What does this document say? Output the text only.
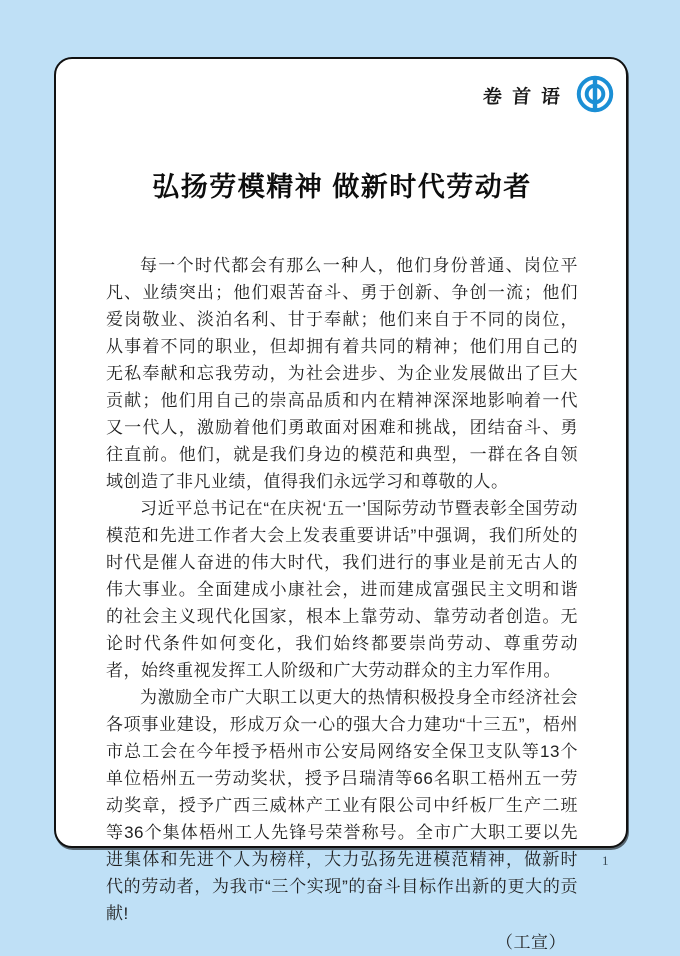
卷首语
弘扬劳模精神 做新时代劳动者

每一个时代都会有那么一种人，他们身份普通、岗位平凡、业绩突出；他们艰苦奋斗、勇于创新、争创一流；他们爱岗敬业、淡泊名利、甘于奉献；他们来自于不同的岗位，从事着不同的职业，但却拥有着共同的精神；他们用自己的无私奉献和忘我劳动，为社会进步、为企业发展做出了巨大贡献；他们用自己的崇高品质和内在精神深深地影响着一代又一代人，激励着他们勇敢面对困难和挑战，团结奋斗、勇往直前。他们，就是我们身边的模范和典型，一群在各自领域创造了非凡业绩，值得我们永远学习和尊敬的人。

习近平总书记在“在庆祝‘五一’国际劳动节暨表彰全国劳动模范和先进工作者大会上发表重要讲话”中强调，我们所处的时代是催人奋进的伟大时代，我们进行的事业是前无古人的伟大事业。全面建成小康社会，进而建成富强民主文明和谐的社会主义现代化国家，根本上靠劳动、靠劳动者创造。无论时代条件如何变化，我们始终都要崇尚劳动、尊重劳动者，始终重视发挥工人阶级和广大劳动群众的主力军作用。

为激励全市广大职工以更大的热情积极投身全市经济社会各项事业建设，形成万众一心的强大合力建功“十三五”，梧州市总工会在今年授予梧州市公安局网络安全保卫支队等13个单位梧州五一劳动奖状，授予吕瑞清等66名职工梧州五一劳动奖章，授予广西三威林产工业有限公司中纤板厂生产二班等36个集体梧州工人先锋号荣誉称号。全市广大职工要以先进集体和先进个人为榜样，大力弘扬先进模范精神，做新时代的劳动者，为我市“三个实现”的奋斗目标作出新的更大的贡献!

（工宣）
1
